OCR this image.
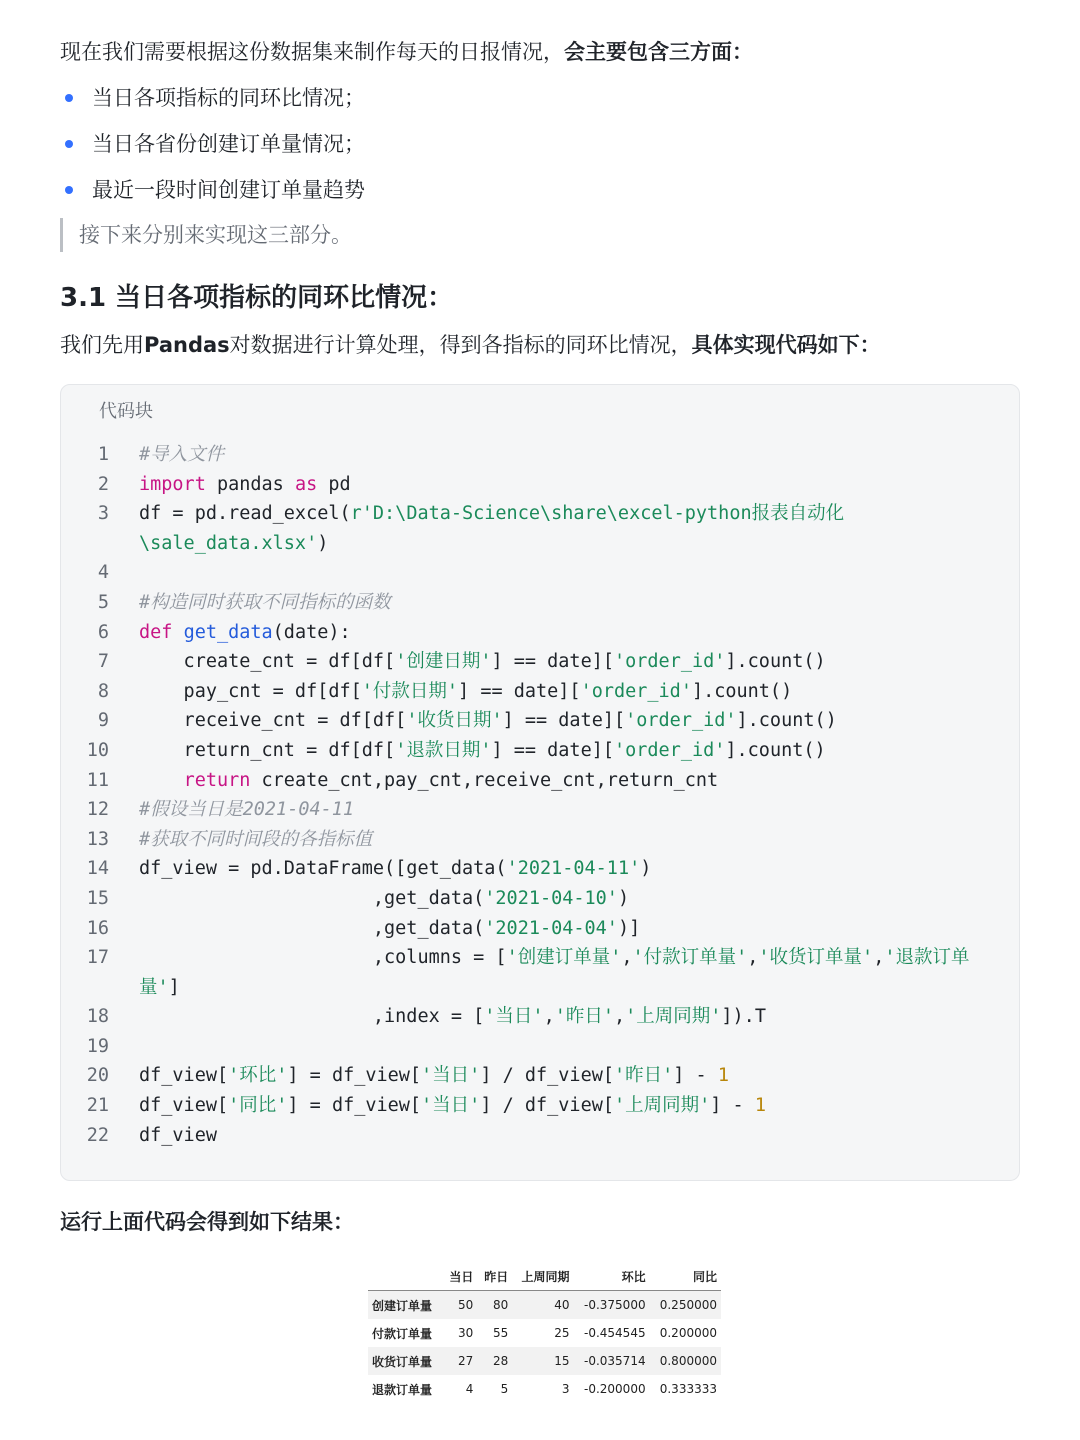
现在我们需要根据这份数据集来制作每天的日报情况，会主要包含三方面：

当日各项指标的同环比情况；
当日各省份创建订单量情况；
最近一段时间创建订单量趋势
接下来分别来实现这三部分。
3.1 当日各项指标的同环比情况：

我们先用Pandas对数据进行计算处理，得到各指标的同环比情况，具体实现代码如下：

代码块
1	#导入文件
2	import pandas as pd
3	df = pd.read_excel(r'D:\Data-Science\share\excel-python报表自动化
\sale_data.xlsx')
4
5	#构造同时获取不同指标的函数
6	def get_data(date):
7	create_cnt = df[df['创建日期'] == date]['order_id'].count()
8	pay_cnt = df[df['付款日期'] == date]['order_id'].count()
9	receive_cnt = df[df['收货日期'] == date]['order_id'].count()
10	return_cnt = df[df['退款日期'] == date]['order_id'].count()
11	return create_cnt,pay_cnt,receive_cnt,return_cnt
12	#假设当日是2021-04-11
13	#获取不同时间段的各指标值
14	df_view = pd.DataFrame([get_data('2021-04-11')
15	,get_data('2021-04-10')
16	,get_data('2021-04-04')]
17	,columns = ['创建订单量','付款订单量','收货订单量','退款订单
量']
18	,index = ['当日','昨日','上周同期']).T
19
20	df_view['环比'] = df_view['当日'] / df_view['昨日'] - 1
21	df_view['同比'] = df_view['当日'] / df_view['上周同期'] - 1
22	df_view
运行上面代码会得到如下结果：
	当日	昨日	上周同期	环比	同比
创建订单量	50	80	40	-0.375000	0.250000
付款订单量	30	55	25	-0.454545	0.200000
收货订单量	27	28	15	-0.035714	0.800000
退款订单量	4	5	3	-0.200000	0.333333
